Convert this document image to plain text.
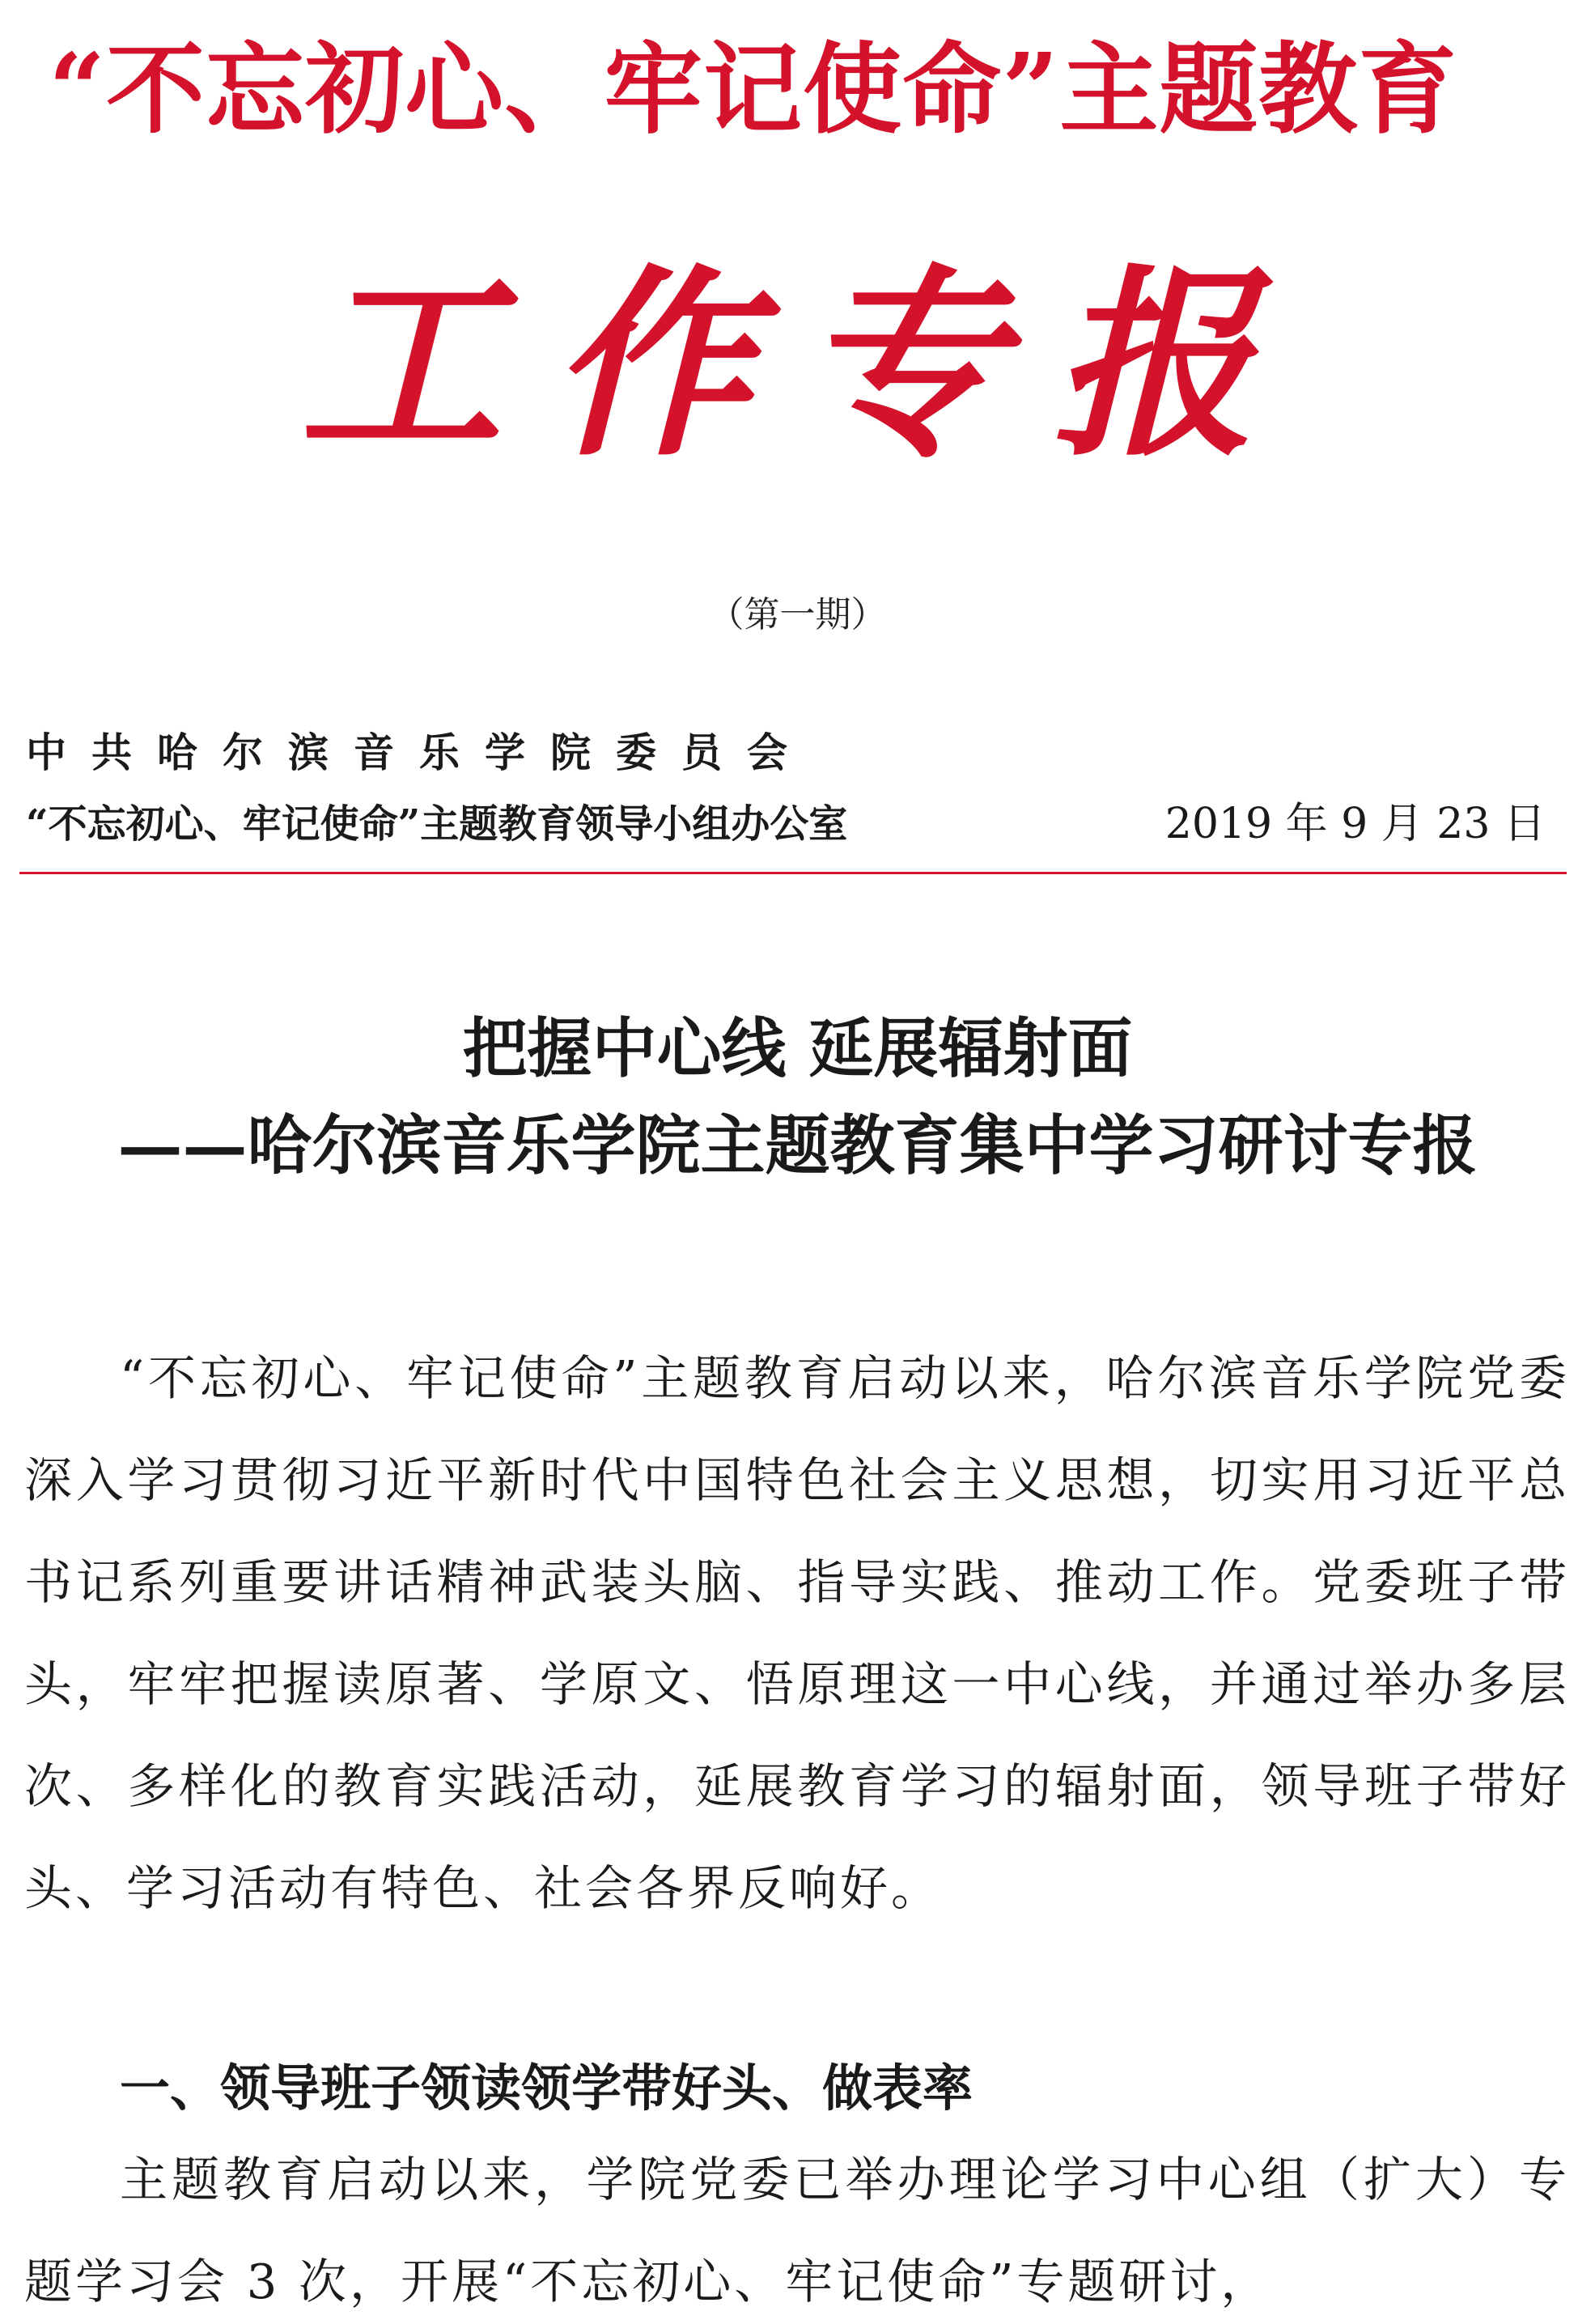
“不忘初心、牢记使命”主题教育
工作专报
（第一期）
中共哈尔滨音乐学院委员会
“不忘初心、牢记使命”主题教育领导小组办公室	2019 年 9 月 23 日
把握中心线 延展辐射面
——哈尔滨音乐学院主题教育集中学习研讨专报
“不忘初心、牢记使命”主题教育启动以来，哈尔滨音乐学院党委深入学习贯彻习近平新时代中国特色社会主义思想，切实用习近平总书记系列重要讲话精神武装头脑、指导实践、推动工作。党委班子带头，牢牢把握读原著、学原文、悟原理这一中心线，并通过举办多层次、多样化的教育实践活动，延展教育学习的辐射面，领导班子带好头、学习活动有特色、社会各界反响好。
一、领导班子领读领学带好头、做表率
主题教育启动以来，学院党委已举办理论学习中心组（扩大）专题学习会 3 次，开展“不忘初心、牢记使命”专题研讨，
